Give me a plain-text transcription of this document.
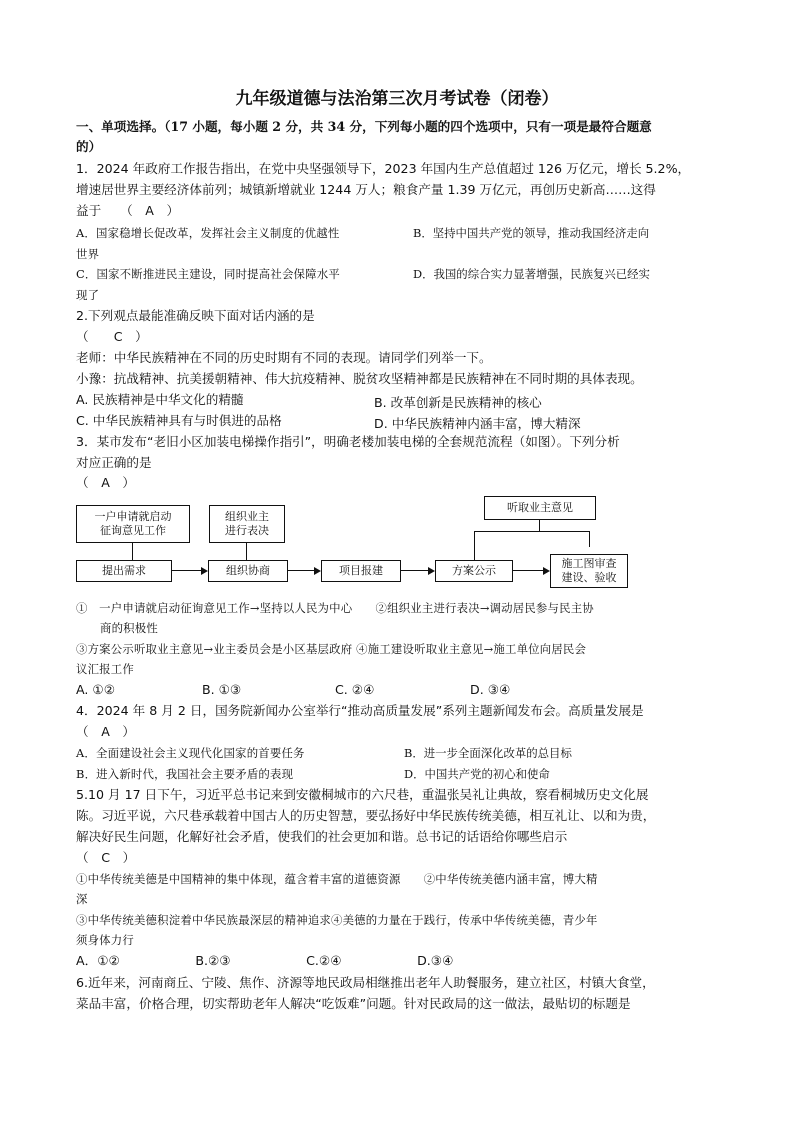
九年级道德与法治第三次月考试卷（闭卷）
一、单项选择。（17 小题，每小题 2 分，共 34 分，下列每小题的四个选项中，只有一项是最符合题意
的）
1．2024 年政府工作报告指出，在党中央坚强领导下，2023 年国内生产总值超过 126 万亿元，增长 5.2%，
增速居世界主要经济体前列；城镇新增就业 1244 万人；粮食产量 1.39 万亿元，再创历史新高……这得
益于　　（　A　）
A．国家稳增长促改革，发挥社会主义制度的优越性	B．坚持中国共产党的领导，推动我国经济走向
世界
C．国家不断推进民主建设，同时提高社会保障水平	D．我国的综合实力显著增强，民族复兴已经实
现了
2.下列观点最能准确反映下面对话内涵的是
（　　C　）
老师：中华民族精神在不同的历史时期有不同的表现。请同学们列举一下。
小豫：抗战精神、抗美援朝精神、伟大抗疫精神、脱贫攻坚精神都是民族精神在不同时期的具体表现。
A. 民族精神是中华文化的精髓	B. 改革创新是民族精神的核心
C. 中华民族精神具有与时俱进的品格	D. 中华民族精神内涵丰富，博大精深
3．某市发布“老旧小区加装电梯操作指引”，明确老楼加装电梯的全套规范流程（如图）。下列分析
对应正确的是
（　A　）
一户申请就启动
征询意见工作
组织业主
进行表决
听取业主意见
提出需求	组织协商	项目报建	方案公示
施工图审查
建设、验收
①　一户申请就启动征询意见工作→坚持以人民为中心　　②组织业主进行表决→调动居民参与民主协
商的积极性
③方案公示听取业主意见→业主委员会是小区基层政府 ④施工建设听取业主意见→施工单位向居民会
议汇报工作
A. ①②	B. ①③	C. ②④	D. ③④
4．2024 年 8 月 2 日，国务院新闻办公室举行“推动高质量发展”系列主题新闻发布会。高质量发展是
（　A　）
A．全面建设社会主义现代化国家的首要任务	B．进一步全面深化改革的总目标
B．进入新时代，我国社会主要矛盾的表现	D．中国共产党的初心和使命
5.10 月 17 日下午，习近平总书记来到安徽桐城市的六尺巷，重温张吴礼让典故，察看桐城历史文化展
陈。习近平说，六尺巷承载着中国古人的历史智慧，要弘扬好中华民族传统美德，相互礼让、以和为贵，
解决好民生问题，化解好社会矛盾，使我们的社会更加和谐。总书记的话语给你哪些启示
（　C　）
①中华传统美德是中国精神的集中体现，蕴含着丰富的道德资源　　②中华传统美德内涵丰富，博大精
深
③中华传统美德积淀着中华民族最深层的精神追求④美德的力量在于践行，传承中华传统美德，青少年
须身体力行
A．①②　　　　　　B.②③　　　　　　C.②④　　　　　　D.③④
6.近年来，河南商丘、宁陵、焦作、济源等地民政局相继推出老年人助餐服务，建立社区，村镇大食堂，
菜品丰富，价格合理，切实帮助老年人解决“吃饭难”问题。针对民政局的这一做法，最贴切的标题是
